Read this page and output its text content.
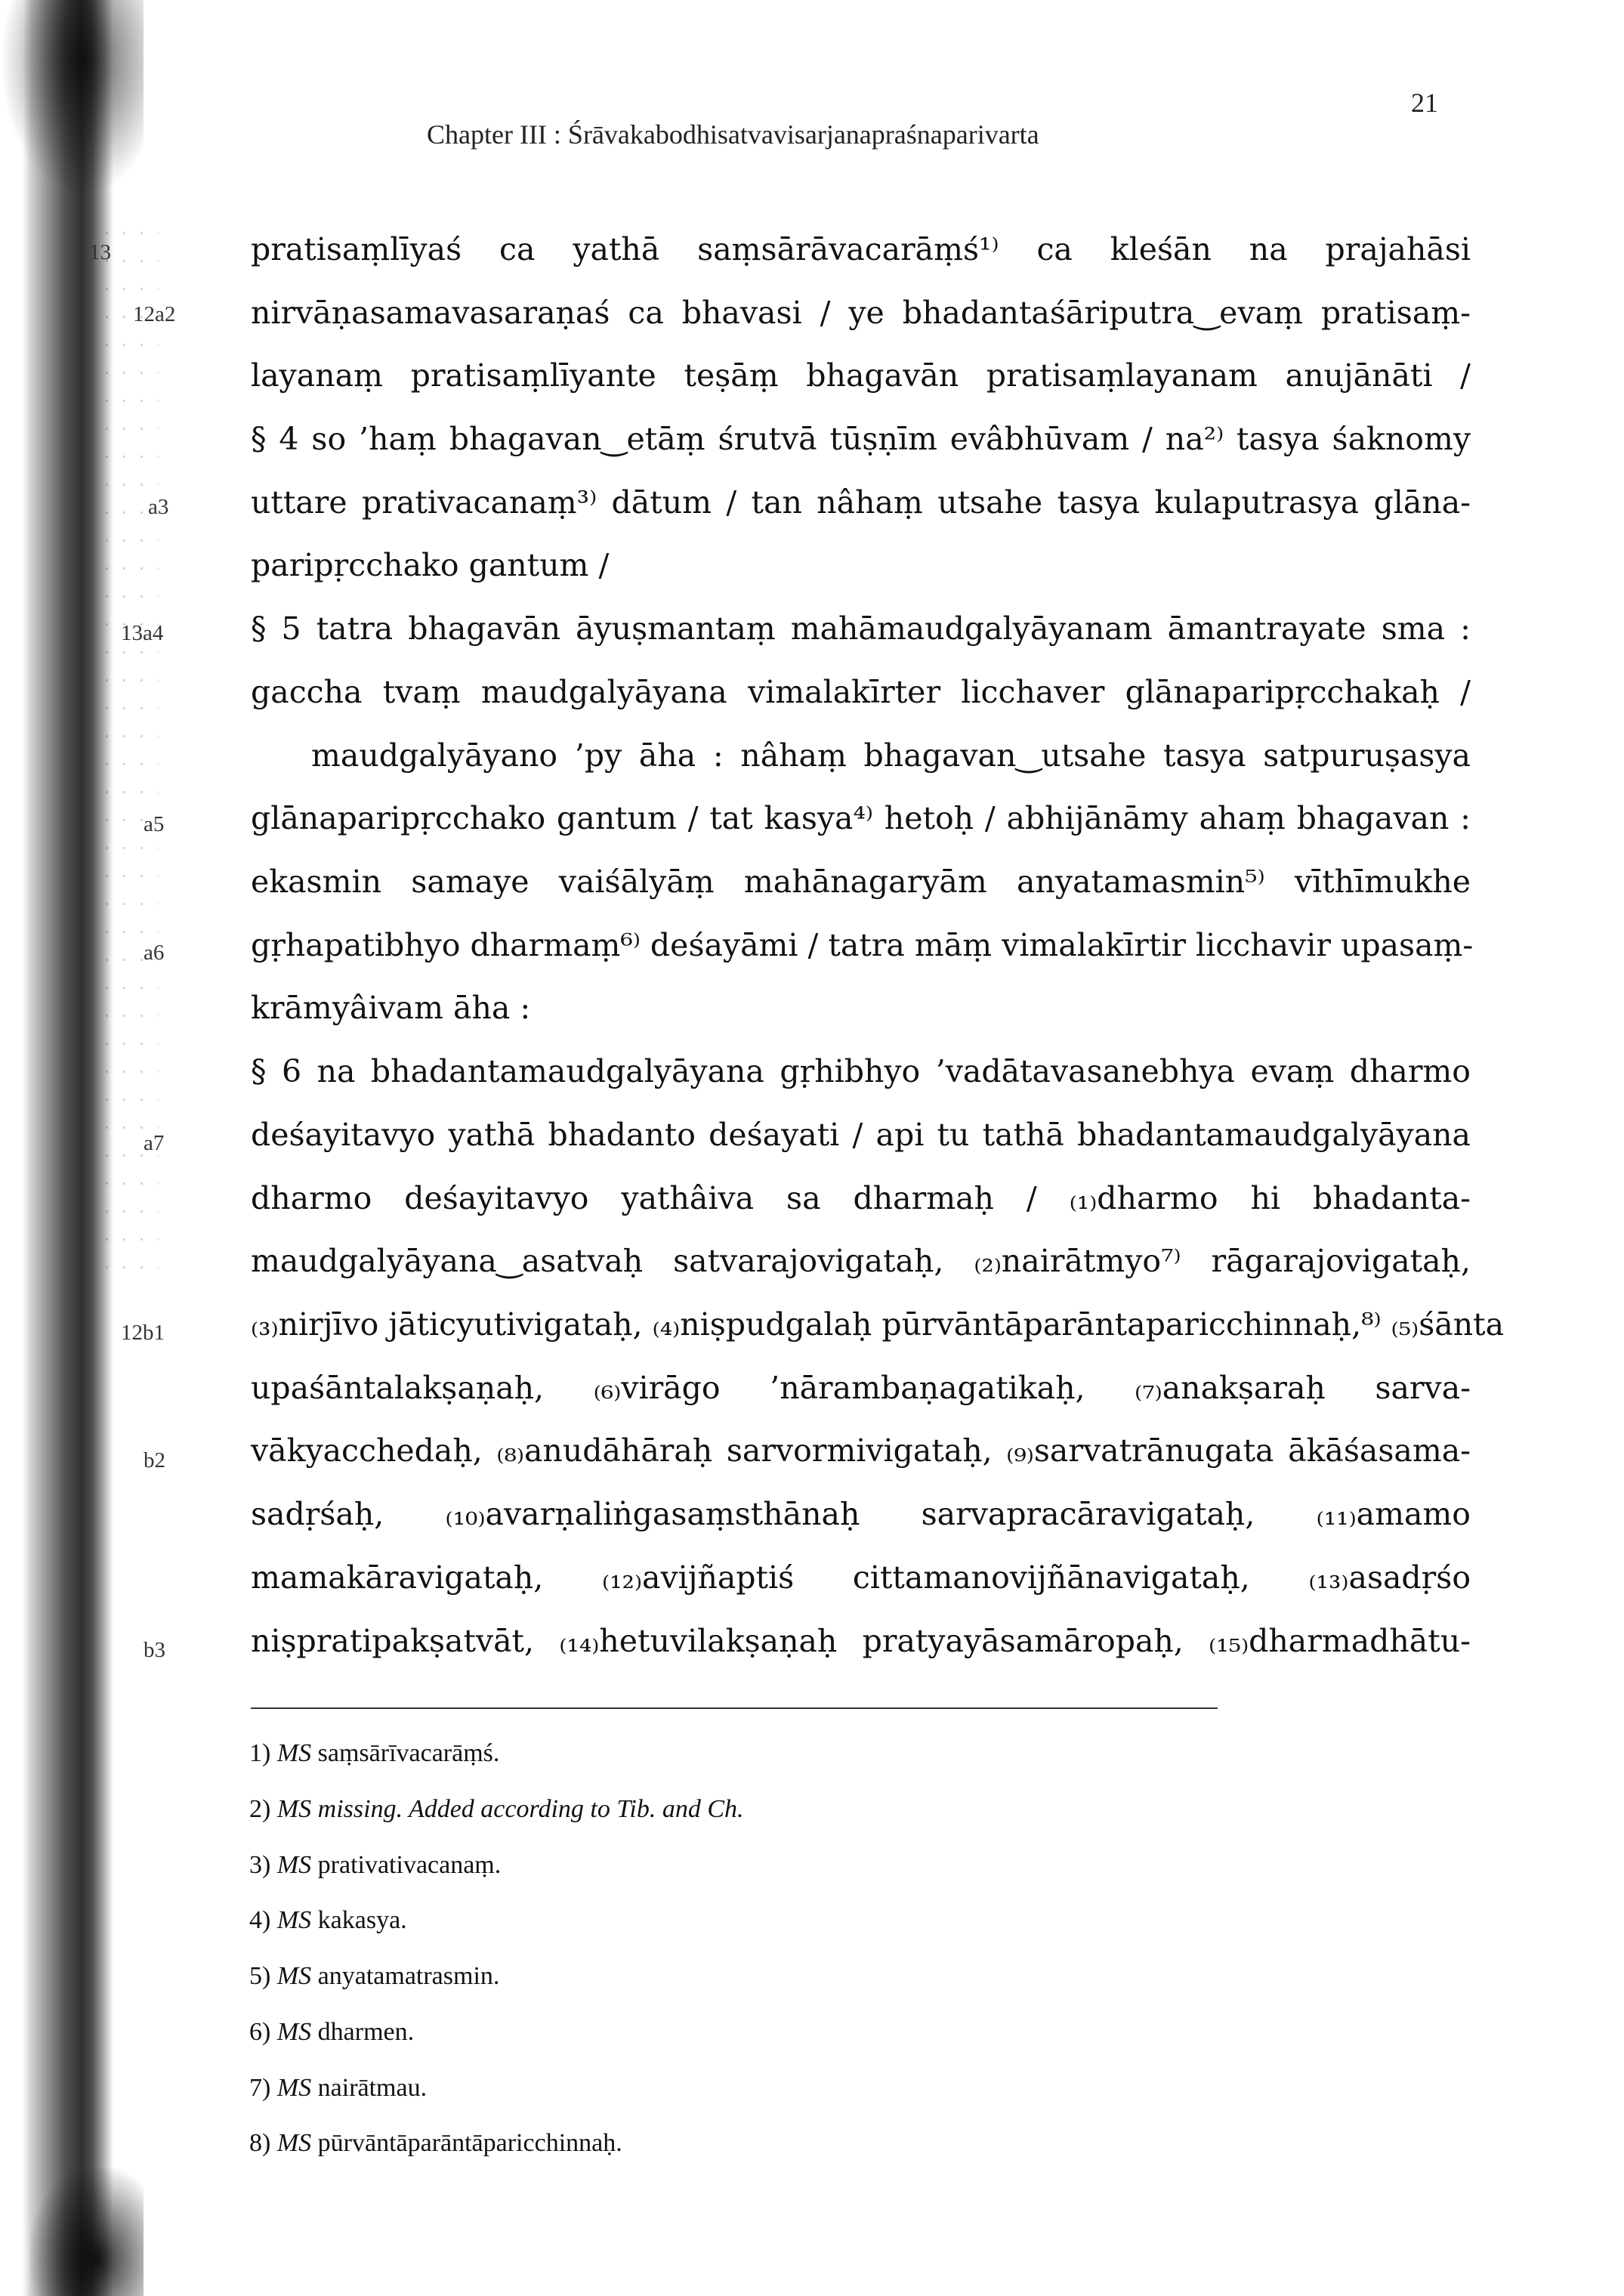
Chapter III : Śrāvakabodhisatvavisarjanapraśnaparivarta
21
13
12a2
a3
13a4
a5
a6
a7
12b1
b2
b3
pratisaṃlīyaś ca yathā saṃsārāvacarāṃś¹⁾ ca kleśān na prajahāsi
nirvāṇasamavasaraṇaś ca bhavasi / ye bhadantaśāriputra‿evaṃ pratisaṃ-
layanaṃ pratisaṃlīyante teṣāṃ bhagavān pratisaṃlayanam anujānāti /
§ 4 so ’haṃ bhagavan‿etāṃ śrutvā tūṣṇīm evâbhūvam / na²⁾ tasya śaknomy
uttare prativacanaṃ³⁾ dātum / tan nâhaṃ utsahe tasya kulaputrasya glāna-
paripṛcchako gantum /
§ 5 tatra bhagavān āyuṣmantaṃ mahāmaudgalyāyanam āmantrayate sma :
gaccha tvaṃ maudgalyāyana vimalakīrter licchaver glānaparipṛcchakaḥ /
maudgalyāyano ’py āha : nâhaṃ bhagavan‿utsahe tasya satpuruṣasya
glānaparipṛcchako gantum / tat kasya⁴⁾ hetoḥ / abhijānāmy ahaṃ bhagavan :
ekasmin samaye vaiśālyāṃ mahānagaryām anyatamasmin⁵⁾ vīthīmukhe
gṛhapatibhyo dharmaṃ⁶⁾ deśayāmi / tatra māṃ vimalakīrtir licchavir upasaṃ-
krāmyâivam āha :
§ 6 na bhadantamaudgalyāyana gṛhibhyo ’vadātavasanebhya evaṃ dharmo
deśayitavyo yathā bhadanto deśayati / api tu tathā bhadantamaudgalyāyana
dharmo deśayitavyo yathâiva sa dharmaḥ / ₍₁₎dharmo hi bhadanta-
maudgalyāyana‿asatvaḥ satvarajovigataḥ, ₍₂₎nairātmyo⁷⁾ rāgarajovigataḥ,
₍₃₎nirjīvo jāticyutivigataḥ, ₍₄₎niṣpudgalaḥ pūrvāntāparāntaparicchinnaḥ,⁸⁾ ₍₅₎śānta
upaśāntalakṣaṇaḥ, ₍₆₎virāgo ’nārambaṇagatikaḥ, ₍₇₎anakṣaraḥ sarva-
vākyacchedaḥ, ₍₈₎anudāhāraḥ sarvormivigataḥ, ₍₉₎sarvatrānugata ākāśasama-
sadṛśaḥ, ₍₁₀₎avarṇaliṅgasaṃsthānaḥ sarvapracāravigataḥ, ₍₁₁₎amamo
mamakāravigataḥ, ₍₁₂₎avijñaptiś cittamanovijñānavigataḥ, ₍₁₃₎asadṛśo
niṣpratipakṣatvāt, ₍₁₄₎hetuvilakṣaṇaḥ pratyayāsamāropaḥ, ₍₁₅₎dharmadhātu-
1) MS saṃsārīvacarāṃś.
2) MS missing. Added according to Tib. and Ch.
3) MS prativativacanaṃ.
4) MS kakasya.
5) MS anyatamatrasmin.
6) MS dharmen.
7) MS nairātmau.
8) MS pūrvāntāparāntāparicchinnaḥ.
